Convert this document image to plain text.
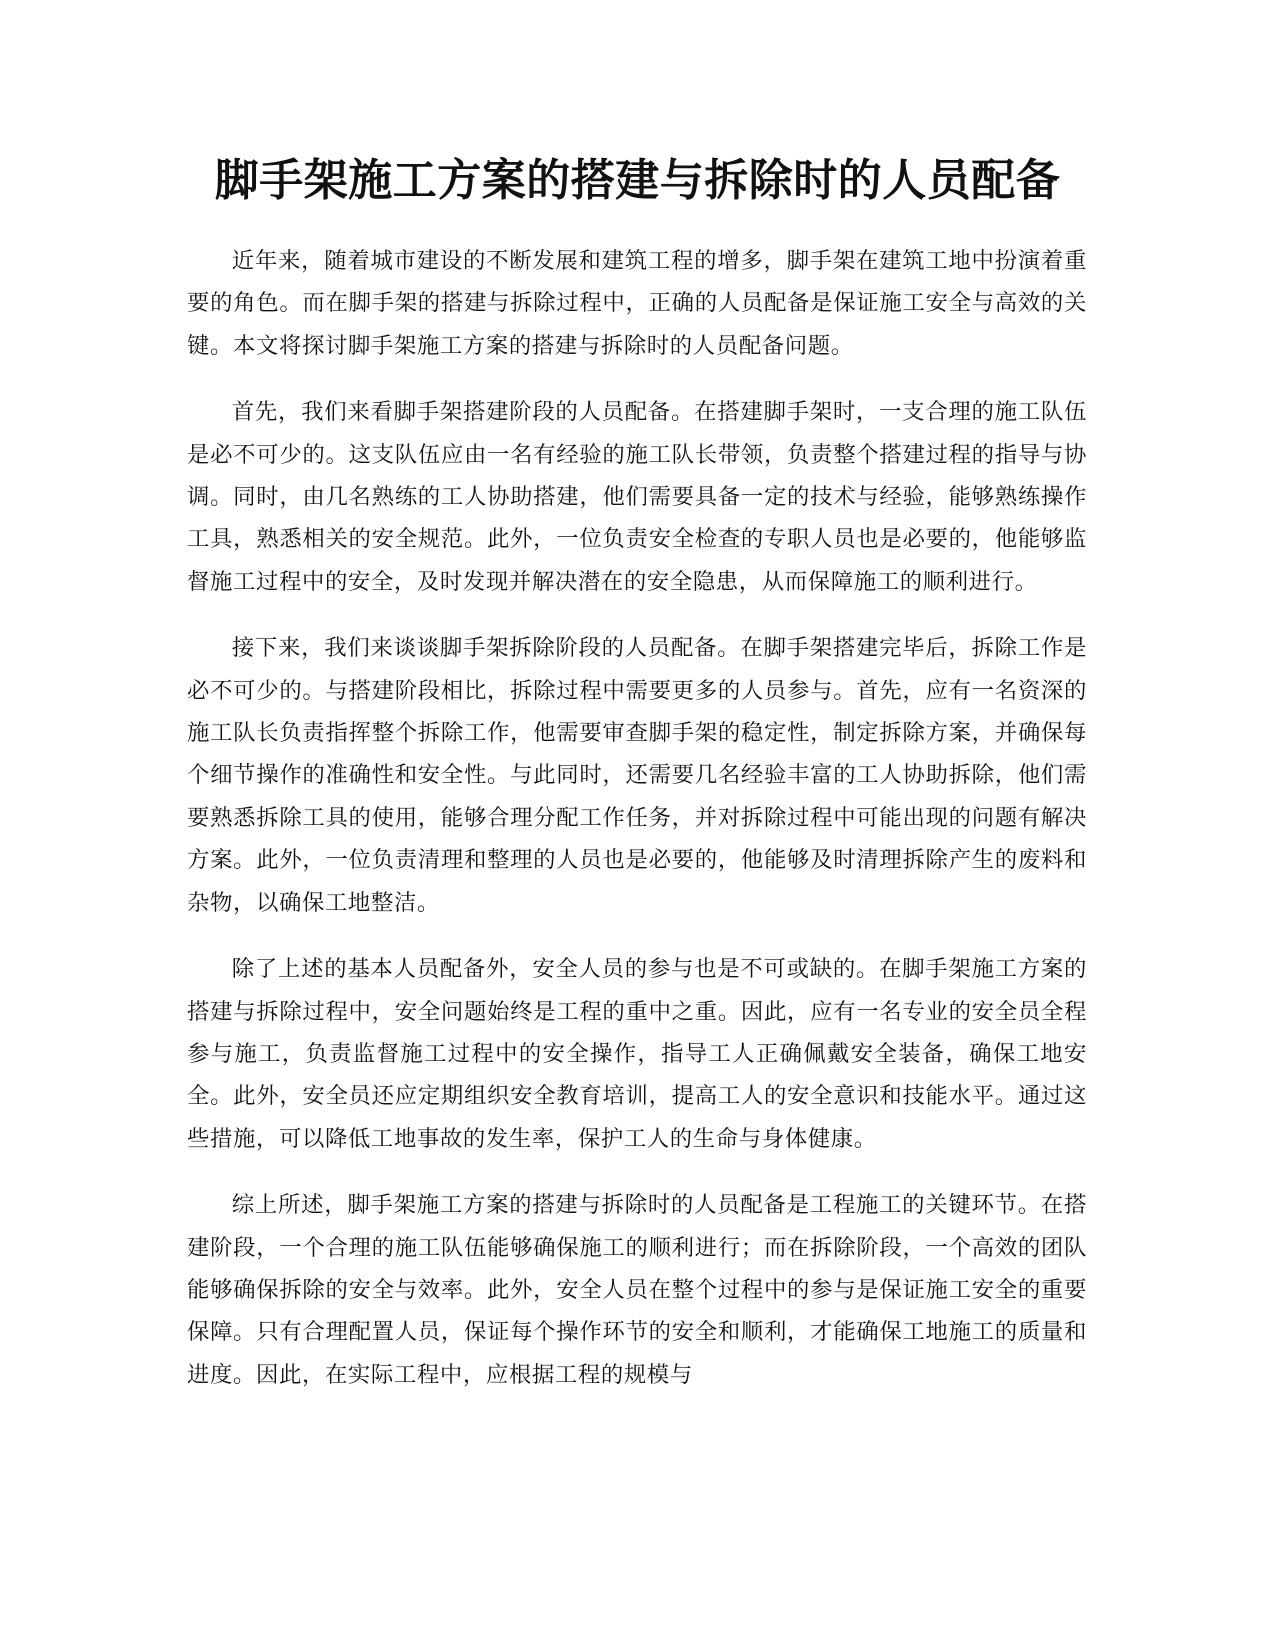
脚手架施工方案的搭建与拆除时的人员配备

近年来，随着城市建设的不断发展和建筑工程的增多，脚手架在建筑工地中扮演着重要的角色。而在脚手架的搭建与拆除过程中，正确的人员配备是保证施工安全与高效的关键。本文将探讨脚手架施工方案的搭建与拆除时的人员配备问题。

首先，我们来看脚手架搭建阶段的人员配备。在搭建脚手架时，一支合理的施工队伍是必不可少的。这支队伍应由一名有经验的施工队长带领，负责整个搭建过程的指导与协调。同时，由几名熟练的工人协助搭建，他们需要具备一定的技术与经验，能够熟练操作工具，熟悉相关的安全规范。此外，一位负责安全检查的专职人员也是必要的，他能够监督施工过程中的安全，及时发现并解决潜在的安全隐患，从而保障施工的顺利进行。

接下来，我们来谈谈脚手架拆除阶段的人员配备。在脚手架搭建完毕后，拆除工作是必不可少的。与搭建阶段相比，拆除过程中需要更多的人员参与。首先，应有一名资深的施工队长负责指挥整个拆除工作，他需要审查脚手架的稳定性，制定拆除方案，并确保每个细节操作的准确性和安全性。与此同时，还需要几名经验丰富的工人协助拆除，他们需要熟悉拆除工具的使用，能够合理分配工作任务，并对拆除过程中可能出现的问题有解决方案。此外，一位负责清理和整理的人员也是必要的，他能够及时清理拆除产生的废料和杂物，以确保工地整洁。

除了上述的基本人员配备外，安全人员的参与也是不可或缺的。在脚手架施工方案的搭建与拆除过程中，安全问题始终是工程的重中之重。因此，应有一名专业的安全员全程参与施工，负责监督施工过程中的安全操作，指导工人正确佩戴安全装备，确保工地安全。此外，安全员还应定期组织安全教育培训，提高工人的安全意识和技能水平。通过这些措施，可以降低工地事故的发生率，保护工人的生命与身体健康。

综上所述，脚手架施工方案的搭建与拆除时的人员配备是工程施工的关键环节。在搭建阶段，一个合理的施工队伍能够确保施工的顺利进行；而在拆除阶段，一个高效的团队能够确保拆除的安全与效率。此外，安全人员在整个过程中的参与是保证施工安全的重要保障。只有合理配置人员，保证每个操作环节的安全和顺利，才能确保工地施工的质量和进度。因此，在实际工程中，应根据工程的规模与
